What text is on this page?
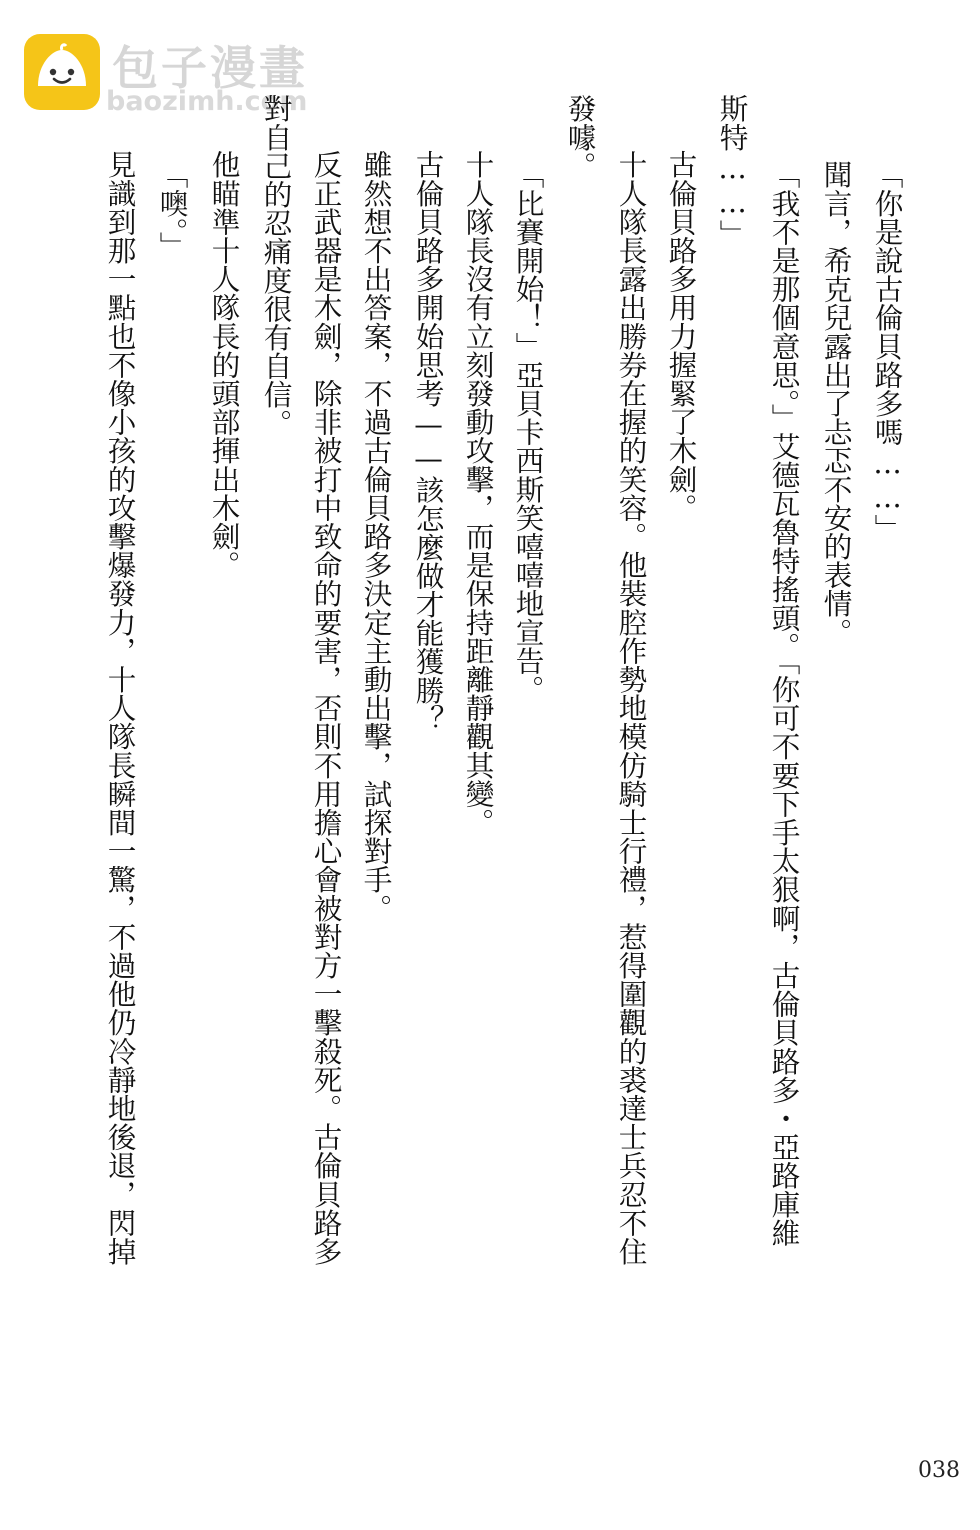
包子漫畫
baozimh.com

「你是說古倫貝路多嗎……」

聞言，希克兒露出了忐忑不安的表情。

「我不是那個意思。」艾德瓦魯特搖頭。「你可不要下手太狠啊，古倫貝路多・亞路庫維

斯特……」

古倫貝路多用力握緊了木劍。

十人隊長露出勝券在握的笑容。他裝腔作勢地模仿騎士行禮，惹得圍觀的裘達士兵忍不住

發噱。

「比賽開始！」亞貝卡西斯笑嘻嘻地宣告。

十人隊長沒有立刻發動攻擊，而是保持距離靜觀其變。

古倫貝路多開始思考——該怎麼做才能獲勝？

雖然想不出答案，不過古倫貝路多決定主動出擊，試探對手。

反正武器是木劍，除非被打中致命的要害，否則不用擔心會被對方一擊殺死。古倫貝路多

對自己的忍痛度很有自信。

他瞄準十人隊長的頭部揮出木劍。

「噢。」

見識到那一點也不像小孩的攻擊爆發力，十人隊長瞬間一驚，不過他仍冷靜地後退，閃掉

038
